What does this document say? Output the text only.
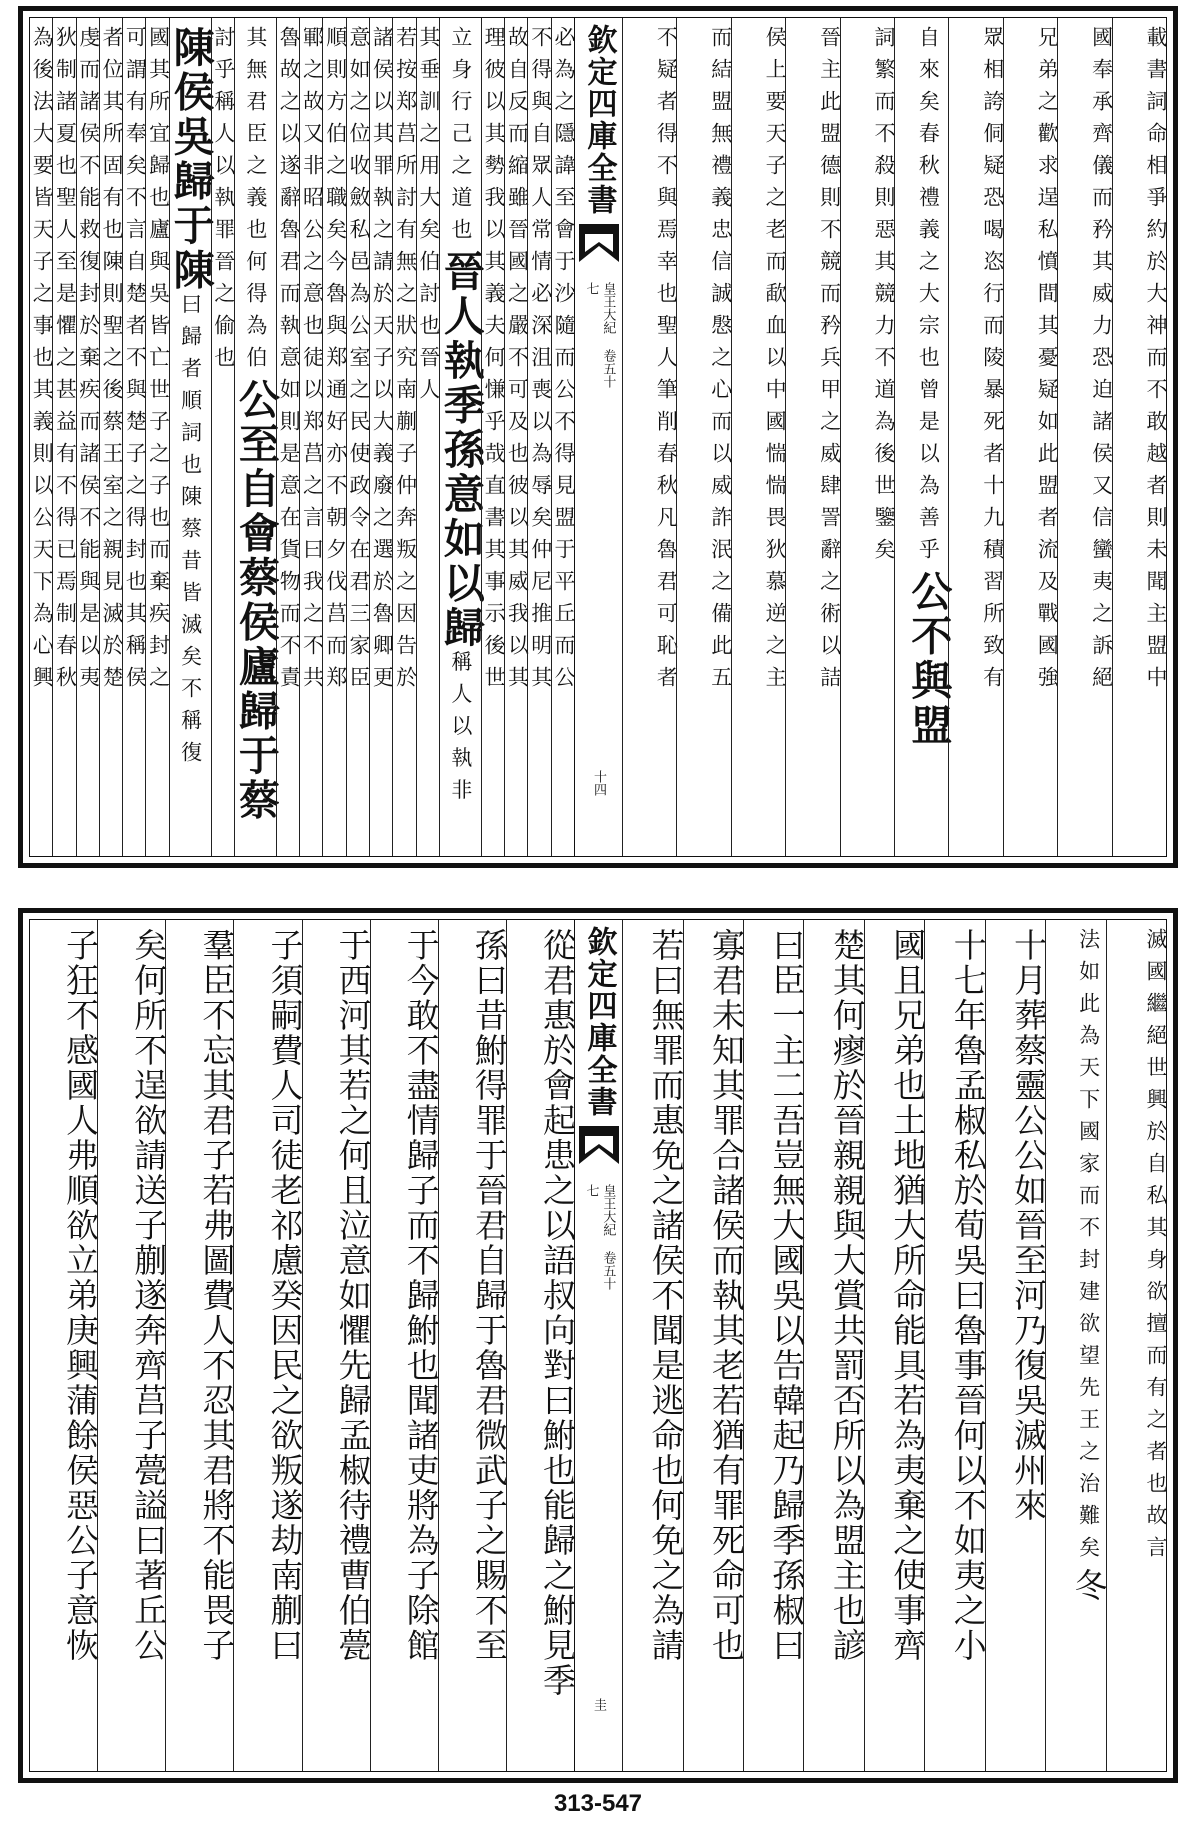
載書詞命相爭約於大神而不敢越者則未聞主盟中
國奉承齊儀而矜其威力恐迫諸侯又信蠻夷之訴絕
兄弟之歡求逞私憤間其憂疑如此盟者流及戰國強
眾相誇侗疑恐喝恣行而陵暴死者十九積習所致有
自來矣春秋禮義之大宗也曾是以為善乎公不與盟
詞繁而不殺則惡其競力不道為後世鑒矣
晉主此盟德則不競而矜兵甲之威肆詈辭之術以詰
侯上要天子之老而歃血以中國惴惴畏狄慕逆之主
而結盟無禮義忠信誠慇之心而以威詐泯之備此五
不疑者得不與焉幸也聖人筆削春秋凡魯君可恥者
欽定四庫全書
皇王大紀 卷五十七
十四
必為之隱諱至會于沙隨而公不得見盟于平丘而公
不得與自眾人常情必深沮喪以為辱矣仲尼推明其
故自反而縮雖晉國之嚴不可及也彼以其威我以其
理彼以其勢我以其義夫何慊乎哉直書其事示後世
立身行己之道也晉人執季孫意如以歸稱人以執非
其垂訓之用大矣伯討也晉人
若按郑莒所討有無之狀究南蒯子仲奔叛之因告於
諸侯以其罪執之請於天子以大義廢之選於魯卿更
意如之位收斂私邑為公室之民使政令在君三家臣
順則方伯之職矣今魯與郑通好亦不朝夕伐莒而郑
鄆之故又非昭公之意也徒以郑莒之言曰我之不共
魯故之以遂辭魯君而執意如則是意在貨物而不責
其無君臣之義也何得為伯公至自會蔡侯廬歸于蔡
討乎稱人以執罪晉之偷也
陳侯吳歸于陳曰歸者順詞也陳蔡昔皆滅矣不稱復
國其所宜歸也廬與吳皆亡世子之子也而棄疾封之
可謂有奉矣不言自楚者不與楚子之得封也其稱侯
者位其所固有也陳則聖之後蔡王室之親見滅於楚
虔而諸侯不能救復封於棄疾而諸侯不能與是以夷
狄制諸夏也聖人至是懼之甚益有不得已焉制春秋
為後法大要皆天子之事也其義則以公天下為心興
滅國繼絕世興於自私其身欲擅而有之者也故言
法如此為天下國家而不封建欲望先王之治難矣冬
十月葬蔡靈公公如晉至河乃復吳滅州來
十七年魯孟椒私於荀吳曰魯事晉何以不如夷之小
國且兄弟也土地猶大所命能具若為夷棄之使事齊
楚其何瘳於晉親親與大賞共罰否所以為盟主也諺
曰臣一主二吾豈無大國吳以告韓起乃歸季孫椒曰
寡君未知其罪合諸侯而執其老若猶有罪死命可也
若曰無罪而惠免之諸侯不聞是逃命也何免之為請
欽定四庫全書
皇王大紀 卷五十七
圭
從君惠於會起患之以語叔向對曰鮒也能歸之鮒見季
孫曰昔鮒得罪于晉君自歸于魯君微武子之賜不至
于今敢不盡情歸子而不歸鮒也聞諸吏將為子除館
于西河其若之何且泣意如懼先歸孟椒待禮曹伯甍
子須嗣費人司徒老祁慮癸因民之欲叛遂劫南蒯曰
羣臣不忘其君子若弗圖費人不忍其君將不能畏子
矣何所不逞欲請送子蒯遂奔齊莒子甍謚曰著丘公
子狂不感國人弗順欲立弟庚興蒲餘侯惡公子意恢
313-547
